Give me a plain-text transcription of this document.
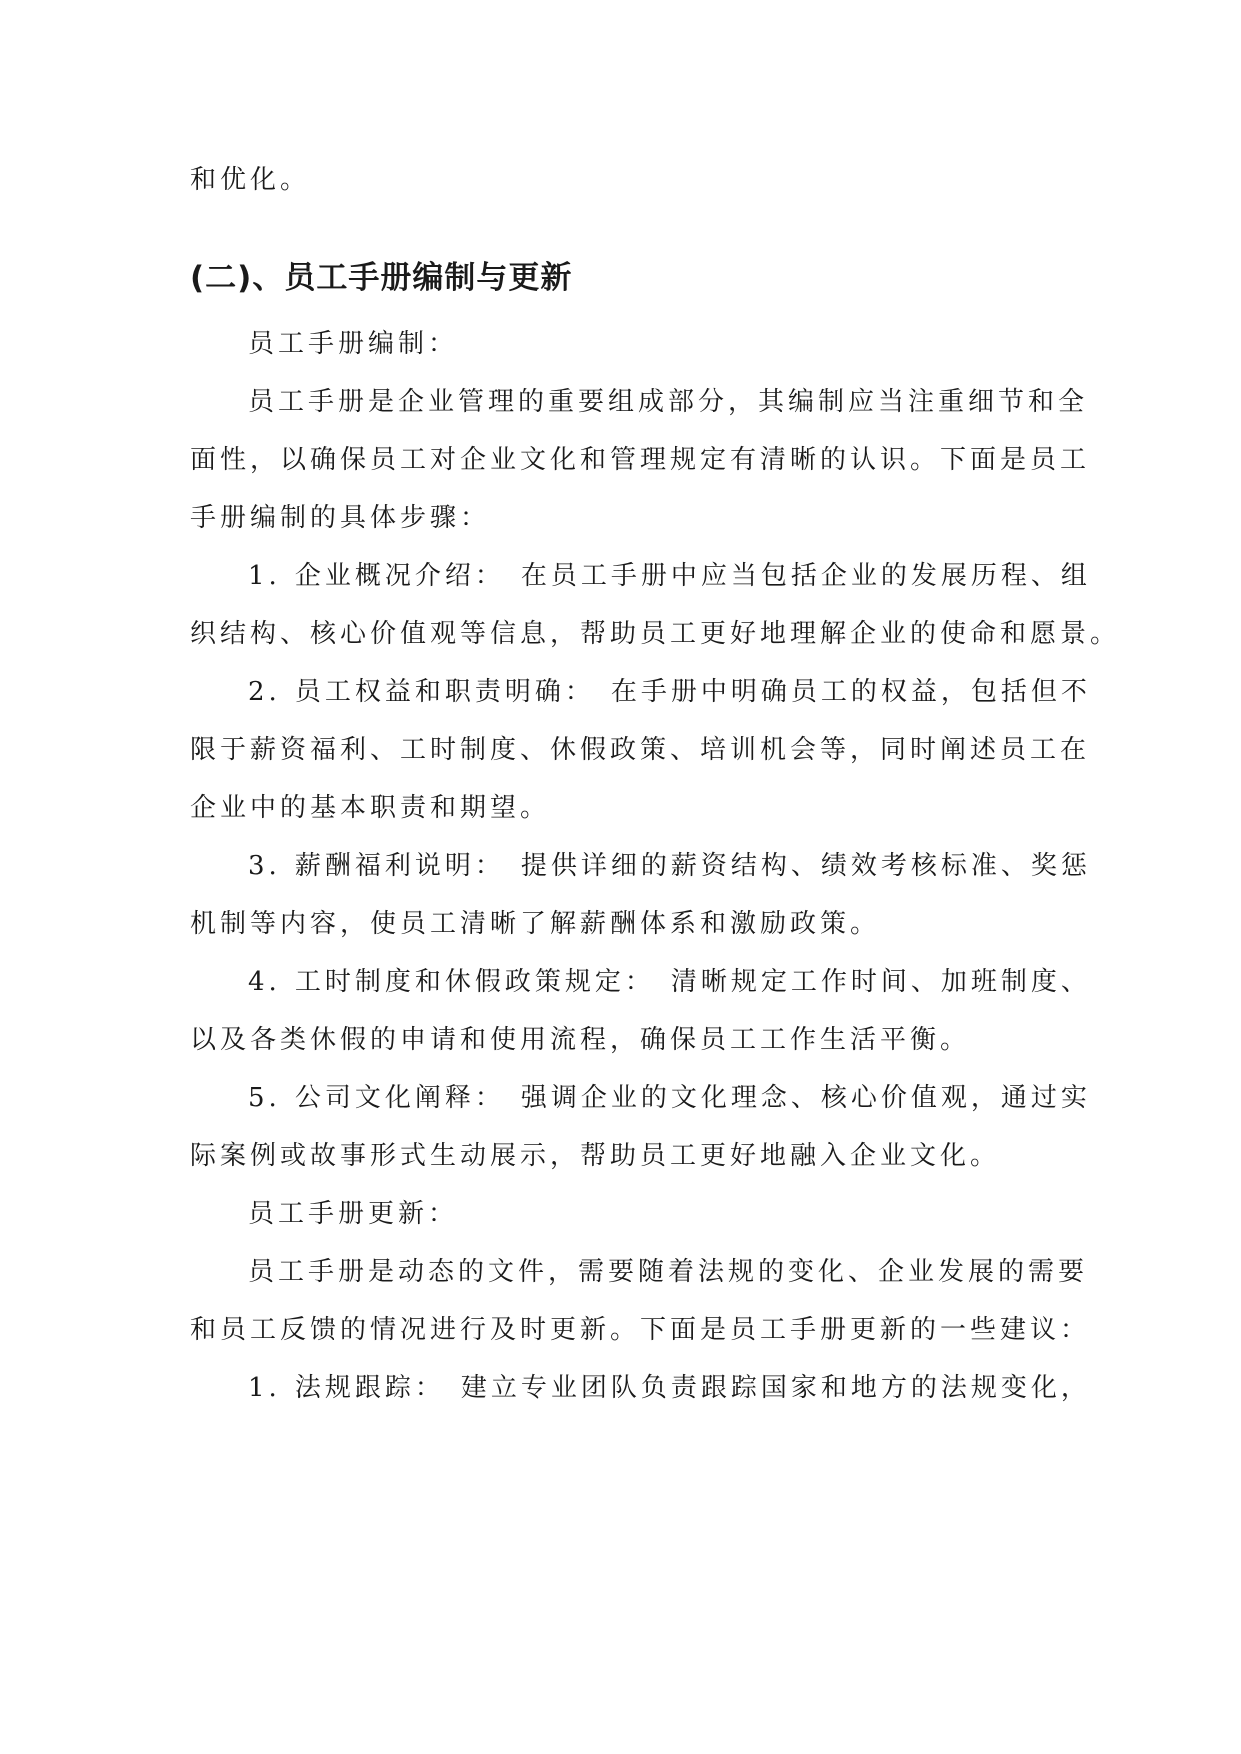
和优化。
(二)、员工手册编制与更新
员工手册编制：
员工手册是企业管理的重要组成部分，其编制应当注重细节和全
面性，以确保员工对企业文化和管理规定有清晰的认识。下面是员工
手册编制的具体步骤：
1. 企业概况介绍： 在员工手册中应当包括企业的发展历程、组
织结构、核心价值观等信息，帮助员工更好地理解企业的使命和愿景。
2. 员工权益和职责明确： 在手册中明确员工的权益，包括但不
限于薪资福利、工时制度、休假政策、培训机会等，同时阐述员工在
企业中的基本职责和期望。
3. 薪酬福利说明： 提供详细的薪资结构、绩效考核标准、奖惩
机制等内容，使员工清晰了解薪酬体系和激励政策。
4. 工时制度和休假政策规定： 清晰规定工作时间、加班制度、
以及各类休假的申请和使用流程，确保员工工作生活平衡。
5. 公司文化阐释： 强调企业的文化理念、核心价值观，通过实
际案例或故事形式生动展示，帮助员工更好地融入企业文化。
员工手册更新：
员工手册是动态的文件，需要随着法规的变化、企业发展的需要
和员工反馈的情况进行及时更新。下面是员工手册更新的一些建议：
1. 法规跟踪： 建立专业团队负责跟踪国家和地方的法规变化，
